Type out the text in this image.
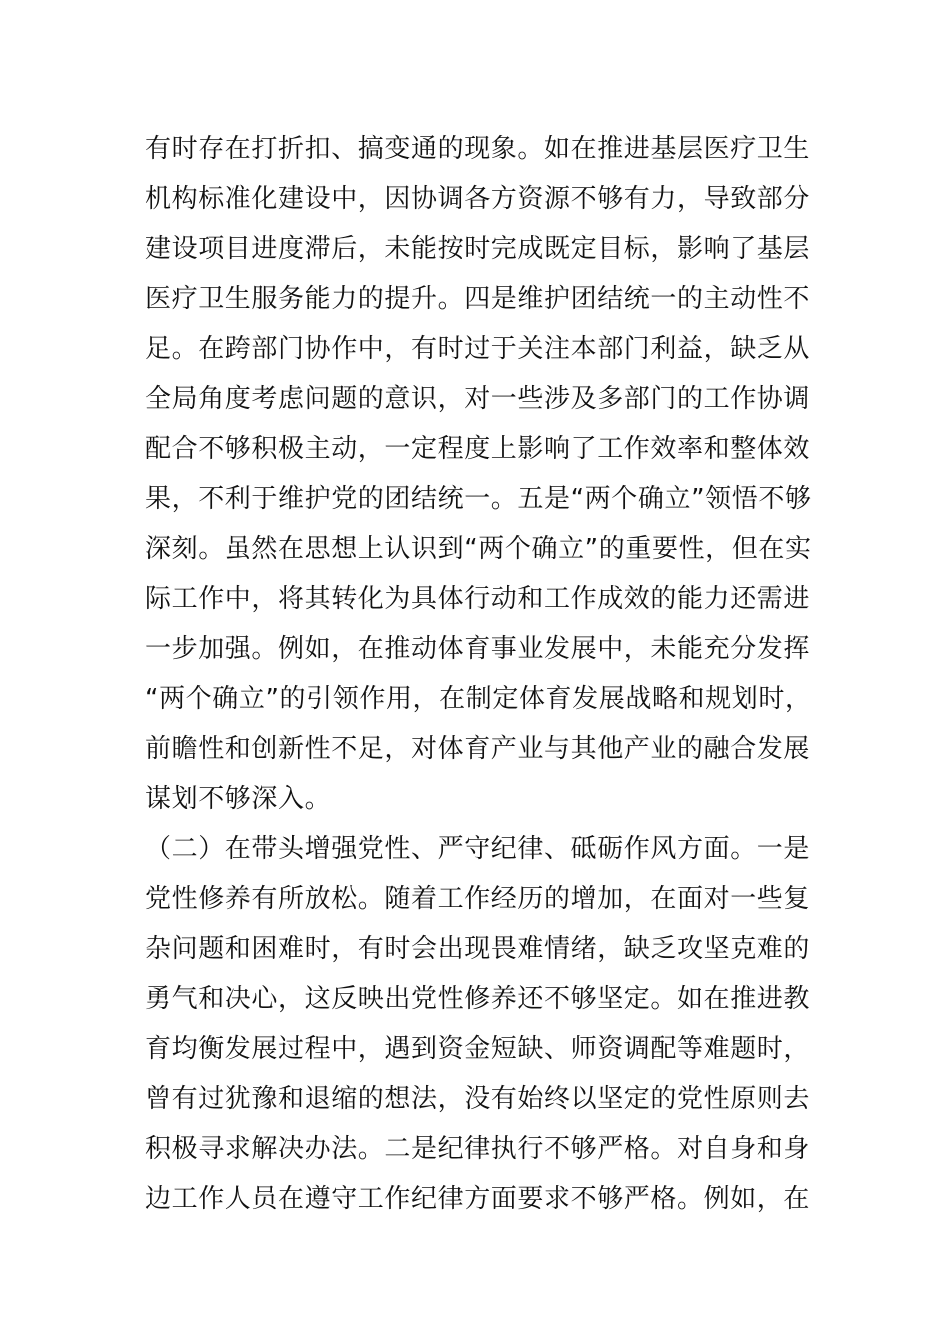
有时存在打折扣、搞变通的现象。如在推进基层医疗卫生
机构标准化建设中，因协调各方资源不够有力，导致部分
建设项目进度滞后，未能按时完成既定目标，影响了基层
医疗卫生服务能力的提升。四是维护团结统一的主动性不
足。在跨部门协作中，有时过于关注本部门利益，缺乏从
全局角度考虑问题的意识，对一些涉及多部门的工作协调
配合不够积极主动，一定程度上影响了工作效率和整体效
果，不利于维护党的团结统一。五是“两个确立”领悟不够
深刻。虽然在思想上认识到“两个确立”的重要性，但在实
际工作中，将其转化为具体行动和工作成效的能力还需进
一步加强。例如，在推动体育事业发展中，未能充分发挥
“两个确立”的引领作用，在制定体育发展战略和规划时，
前瞻性和创新性不足，对体育产业与其他产业的融合发展
谋划不够深入。
（二）在带头增强党性、严守纪律、砥砺作风方面。一是
党性修养有所放松。随着工作经历的增加，在面对一些复
杂问题和困难时，有时会出现畏难情绪，缺乏攻坚克难的
勇气和决心，这反映出党性修养还不够坚定。如在推进教
育均衡发展过程中，遇到资金短缺、师资调配等难题时，
曾有过犹豫和退缩的想法，没有始终以坚定的党性原则去
积极寻求解决办法。二是纪律执行不够严格。对自身和身
边工作人员在遵守工作纪律方面要求不够严格。例如，在
